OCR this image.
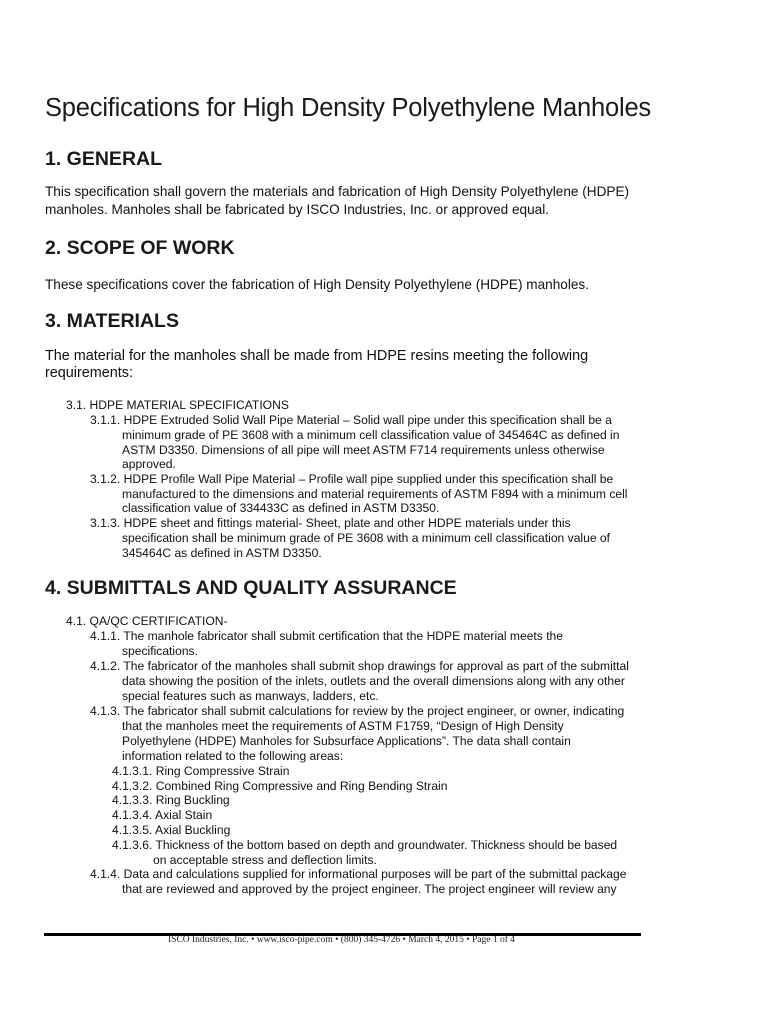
Specifications for High Density Polyethylene Manholes
1. GENERAL
This specification shall govern the materials and fabrication of High Density Polyethylene (HDPE)
manholes. Manholes shall be fabricated by ISCO Industries, Inc. or approved equal.
2. SCOPE OF WORK
These specifications cover the fabrication of High Density Polyethylene (HDPE) manholes.
3. MATERIALS
The material for the manholes shall be made from HDPE resins meeting the following
requirements:
3.1. HDPE MATERIAL SPECIFICATIONS
3.1.1. HDPE Extruded Solid Wall Pipe Material – Solid wall pipe under this specification shall be a
minimum grade of PE 3608 with a minimum cell classification value of 345464C as defined in
ASTM D3350. Dimensions of all pipe will meet ASTM F714 requirements unless otherwise
approved.
3.1.2. HDPE Profile Wall Pipe Material – Profile wall pipe supplied under this specification shall be
manufactured to the dimensions and material requirements of ASTM F894 with a minimum cell
classification value of 334433C as defined in ASTM D3350.
3.1.3. HDPE sheet and fittings material- Sheet, plate and other HDPE materials under this
specification shall be minimum grade of PE 3608 with a minimum cell classification value of
345464C as defined in ASTM D3350.
4. SUBMITTALS AND QUALITY ASSURANCE
4.1. QA/QC CERTIFICATION-
4.1.1. The manhole fabricator shall submit certification that the HDPE material meets the
specifications.
4.1.2. The fabricator of the manholes shall submit shop drawings for approval as part of the submittal
data showing the position of the inlets, outlets and the overall dimensions along with any other
special features such as manways, ladders, etc.
4.1.3. The fabricator shall submit calculations for review by the project engineer, or owner, indicating
that the manholes meet the requirements of ASTM F1759, “Design of High Density
Polyethylene (HDPE) Manholes for Subsurface Applications”. The data shall contain
information related to the following areas:
4.1.3.1. Ring Compressive Strain
4.1.3.2. Combined Ring Compressive and Ring Bending Strain
4.1.3.3. Ring Buckling
4.1.3.4. Axial Stain
4.1.3.5. Axial Buckling
4.1.3.6. Thickness of the bottom based on depth and groundwater. Thickness should be based
on acceptable stress and deflection limits.
4.1.4. Data and calculations supplied for informational purposes will be part of the submittal package
that are reviewed and approved by the project engineer. The project engineer will review any
ISCO Industries, Inc. • www.isco-pipe.com • (800) 345-4726 • March 4, 2015 • Page 1 of 4
